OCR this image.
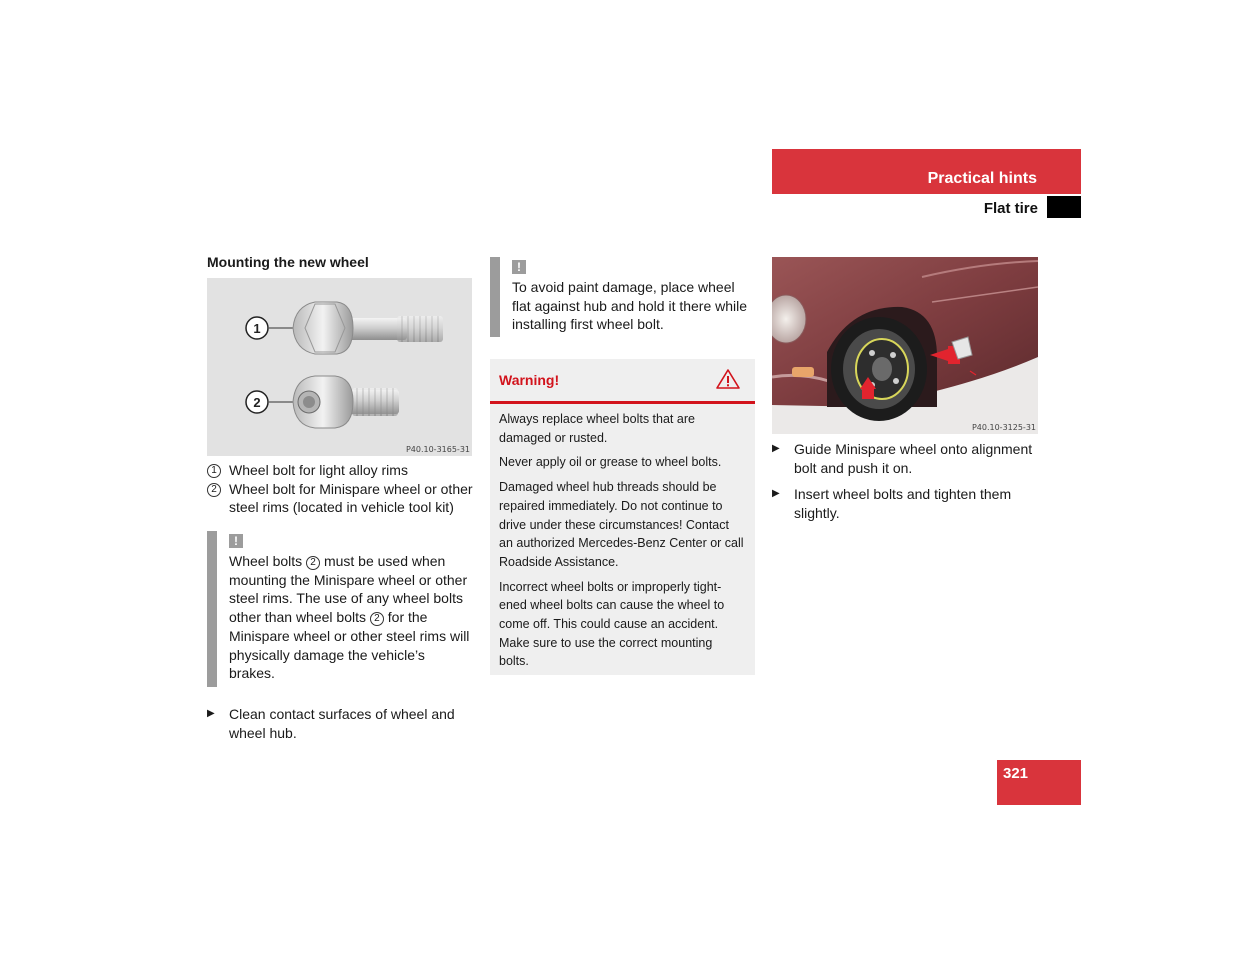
Practical hints
Flat tire
Mounting the new wheel
1
2
P40.10-3165-31
1 Wheel bolt for light alloy rims
2 Wheel bolt for Minispare wheel or other steel rims (located in vehicle tool kit)
!
Wheel bolts 2 must be used when mounting the Minispare wheel or other steel rims. The use of any wheel bolts other than wheel bolts 2 for the Minispare wheel or other steel rims will physically damage the vehicle’s brakes.
▶	Clean contact surfaces of wheel and wheel hub.
!
To avoid paint damage, place wheel flat against hub and hold it there while installing first wheel bolt.
Warning!

Always replace wheel bolts that are damaged or rusted.

Never apply oil or grease to wheel bolts.

Damaged wheel hub threads should be repaired immediately. Do not continue to drive under these circumstances! Contact an authorized Mercedes-Benz Center or call Roadside Assistance.

Incorrect wheel bolts or improperly tight-ened wheel bolts can cause the wheel to come off. This could cause an accident. Make sure to use the correct mounting bolts.

P40.10-3125-31
▶	Guide Minispare wheel onto alignment bolt and push it on.
▶	Insert wheel bolts and tighten them slightly.
321
